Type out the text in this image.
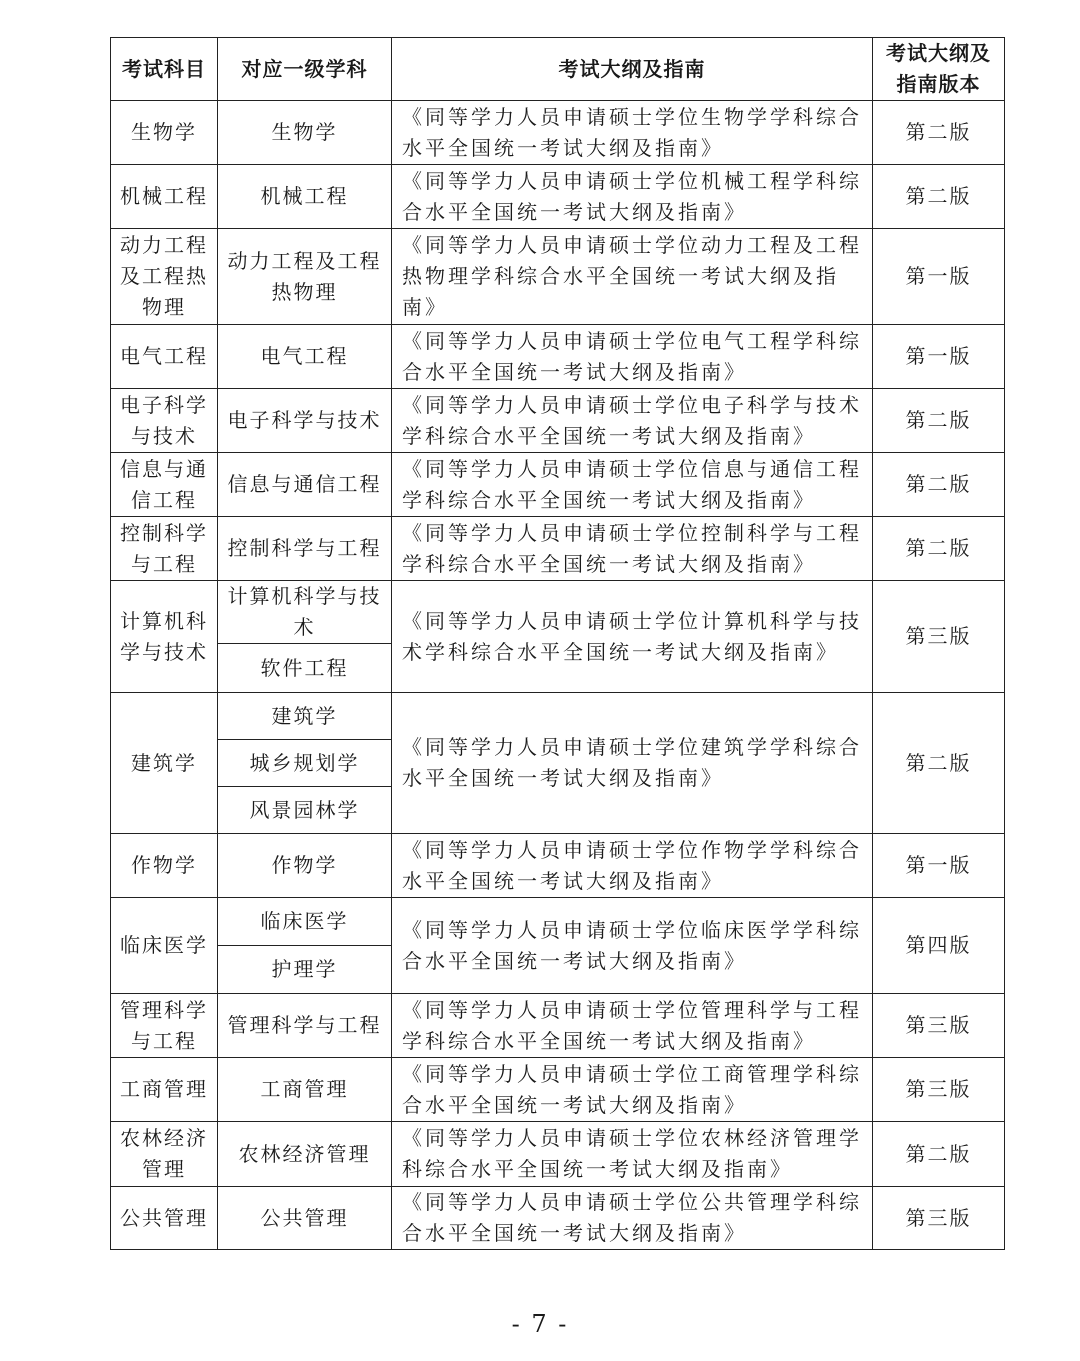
考试科目	对应一级学科	考试大纲及指南	考试大纲及指南版本
生物学	生物学	《同等学力人员申请硕士学位生物学学科综合水平全国统一考试大纲及指南》	第二版
机械工程	机械工程	《同等学力人员申请硕士学位机械工程学科综合水平全国统一考试大纲及指南》	第二版
动力工程及工程热物理	动力工程及工程热物理	《同等学力人员申请硕士学位动力工程及工程热物理学科综合水平全国统一考试大纲及指南》	第一版
电气工程	电气工程	《同等学力人员申请硕士学位电气工程学科综合水平全国统一考试大纲及指南》	第一版
电子科学与技术	电子科学与技术	《同等学力人员申请硕士学位电子科学与技术学科综合水平全国统一考试大纲及指南》	第二版
信息与通信工程	信息与通信工程	《同等学力人员申请硕士学位信息与通信工程学科综合水平全国统一考试大纲及指南》	第二版
控制科学与工程	控制科学与工程	《同等学力人员申请硕士学位控制科学与工程学科综合水平全国统一考试大纲及指南》	第二版
计算机科学与技术	计算机科学与技术	《同等学力人员申请硕士学位计算机科学与技术学科综合水平全国统一考试大纲及指南》	第三版
	软件工程		
建筑学	建筑学	《同等学力人员申请硕士学位建筑学学科综合水平全国统一考试大纲及指南》	第二版
	城乡规划学		
	风景园林学		
作物学	作物学	《同等学力人员申请硕士学位作物学学科综合水平全国统一考试大纲及指南》	第一版
临床医学	临床医学	《同等学力人员申请硕士学位临床医学学科综合水平全国统一考试大纲及指南》	第四版
	护理学		
管理科学与工程	管理科学与工程	《同等学力人员申请硕士学位管理科学与工程学科综合水平全国统一考试大纲及指南》	第三版
工商管理	工商管理	《同等学力人员申请硕士学位工商管理学科综合水平全国统一考试大纲及指南》	第三版
农林经济管理	农林经济管理	《同等学力人员申请硕士学位农林经济管理学科综合水平全国统一考试大纲及指南》	第二版
公共管理	公共管理	《同等学力人员申请硕士学位公共管理学科综合水平全国统一考试大纲及指南》	第三版
- 7 -
